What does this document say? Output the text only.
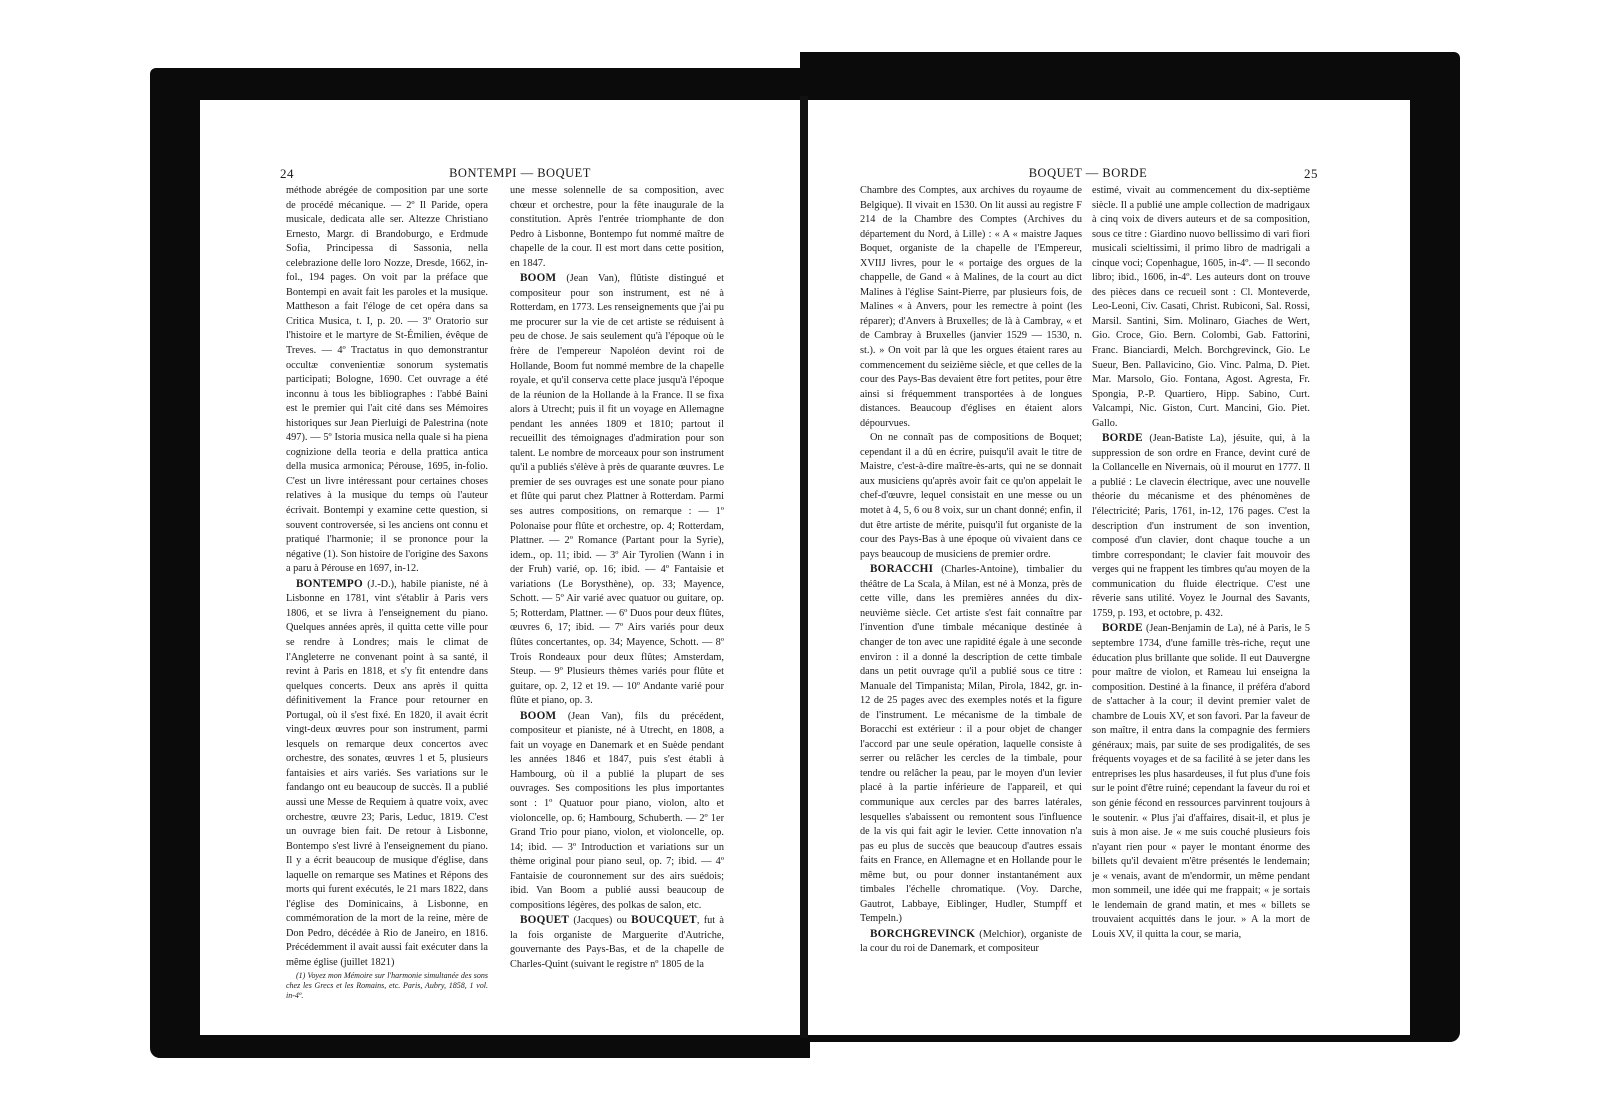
24	BONTEMPI — BOQUET

méthode abrégée de composition par une sorte de procédé mécanique. — 2º Il Paride, opera musicale, dedicata alle ser. Altezze Christiano Ernesto, Margr. di Brandoburgo, e Erdmude Sofia, Principessa di Sassonia, nella celebrazione delle loro Nozze, Dresde, 1662, in-fol., 194 pages. On voit par la préface que Bontempi en avait fait les paroles et la musique. Mattheson a fait l'éloge de cet opéra dans sa Critica Musica, t. I, p. 20. — 3º Oratorio sur l'histoire et le martyre de St-Émilien, évêque de Treves. — 4º Tractatus in quo demonstrantur occultæ convenientiæ sonorum systematis participati; Bologne, 1690. Cet ouvrage a été inconnu à tous les bibliographes : l'abbé Baini est le premier qui l'ait cité dans ses Mémoires historiques sur Jean Pierluigi de Palestrina (note 497). — 5º Istoria musica nella quale si ha piena cognizione della teoria e della prattica antica della musica armonica; Pérouse, 1695, in-folio. C'est un livre intéressant pour certaines choses relatives à la musique du temps où l'auteur écrivait. Bontempi y examine cette question, si souvent controversée, si les anciens ont connu et pratiqué l'harmonie; il se prononce pour la négative (1). Son histoire de l'origine des Saxons a paru à Pérouse en 1697, in-12.

BONTEMPO (J.-D.), habile pianiste, né à Lisbonne en 1781, vint s'établir à Paris vers 1806, et se livra à l'enseignement du piano. Quelques années après, il quitta cette ville pour se rendre à Londres; mais le climat de l'Angleterre ne convenant point à sa santé, il revint à Paris en 1818, et s'y fit entendre dans quelques concerts. Deux ans après il quitta définitivement la France pour retourner en Portugal, où il s'est fixé. En 1820, il avait écrit vingt-deux œuvres pour son instrument, parmi lesquels on remarque deux concertos avec orchestre, des sonates, œuvres 1 et 5, plusieurs fantaisies et airs variés. Ses variations sur le fandango ont eu beaucoup de succès. Il a publié aussi une Messe de Requiem à quatre voix, avec orchestre, œuvre 23; Paris, Leduc, 1819. C'est un ouvrage bien fait. De retour à Lisbonne, Bontempo s'est livré à l'enseignement du piano. Il y a écrit beaucoup de musique d'église, dans laquelle on remarque ses Matines et Répons des morts qui furent exécutés, le 21 mars 1822, dans l'église des Dominicains, à Lisbonne, en commémoration de la mort de la reine, mère de Don Pedro, décédée à Rio de Janeiro, en 1816. Précédemment il avait aussi fait exécuter dans la même église (juillet 1821)

(1) Voyez mon Mémoire sur l'harmonie simultanée des sons chez les Grecs et les Romains, etc. Paris, Aubry, 1858, 1 vol. in-4º.

une messe solennelle de sa composition, avec chœur et orchestre, pour la fête inaugurale de la constitution. Après l'entrée triomphante de don Pedro à Lisbonne, Bontempo fut nommé maître de chapelle de la cour. Il est mort dans cette position, en 1847.

BOOM (Jean Van), flûtiste distingué et compositeur pour son instrument, est né à Rotterdam, en 1773. Les renseignements que j'ai pu me procurer sur la vie de cet artiste se réduisent à peu de chose. Je sais seulement qu'à l'époque où le frère de l'empereur Napoléon devint roi de Hollande, Boom fut nommé membre de la chapelle royale, et qu'il conserva cette place jusqu'à l'époque de la réunion de la Hollande à la France. Il se fixa alors à Utrecht; puis il fit un voyage en Allemagne pendant les années 1809 et 1810; partout il recueillit des témoignages d'admiration pour son talent. Le nombre de morceaux pour son instrument qu'il a publiés s'élève à près de quarante œuvres. Le premier de ses ouvrages est une sonate pour piano et flûte qui parut chez Plattner à Rotterdam. Parmi ses autres compositions, on remarque : — 1º Polonaise pour flûte et orchestre, op. 4; Rotterdam, Plattner. — 2º Romance (Partant pour la Syrie), idem., op. 11; ibid. — 3º Air Tyrolien (Wann i in der Fruh) varié, op. 16; ibid. — 4º Fantaisie et variations (Le Borysthène), op. 33; Mayence, Schott. — 5º Air varié avec quatuor ou guitare, op. 5; Rotterdam, Plattner. — 6º Duos pour deux flûtes, œuvres 6, 17; ibid. — 7º Airs variés pour deux flûtes concertantes, op. 34; Mayence, Schott. — 8º Trois Rondeaux pour deux flûtes; Amsterdam, Steup. — 9º Plusieurs thèmes variés pour flûte et guitare, op. 2, 12 et 19. — 10º Andante varié pour flûte et piano, op. 3.

BOOM (Jean Van), fils du précédent, compositeur et pianiste, né à Utrecht, en 1808, a fait un voyage en Danemark et en Suède pendant les années 1846 et 1847, puis s'est établi à Hambourg, où il a publié la plupart de ses ouvrages. Ses compositions les plus importantes sont : 1º Quatuor pour piano, violon, alto et violoncelle, op. 6; Hambourg, Schuberth. — 2º 1er Grand Trio pour piano, violon, et violoncelle, op. 14; ibid. — 3º Introduction et variations sur un thème original pour piano seul, op. 7; ibid. — 4º Fantaisie de couronnement sur des airs suédois; ibid. Van Boom a publié aussi beaucoup de compositions légères, des polkas de salon, etc.

BOQUET (Jacques) ou BOUCQUET, fut à la fois organiste de Marguerite d'Autriche, gouvernante des Pays-Bas, et de la chapelle de Charles-Quint (suivant le registre nº 1805 de la

BOQUET — BORDE	25

Chambre des Comptes, aux archives du royaume de Belgique). Il vivait en 1530. On lit aussi au registre F 214 de la Chambre des Comptes (Archives du département du Nord, à Lille) : « A « maistre Jaques Boquet, organiste de la chapelle de l'Empereur, XVIIJ livres, pour le « portaige des orgues de la chappelle, de Gand « à Malines, de la court au dict Malines à l'église Saint-Pierre, par plusieurs fois, de Malines « à Anvers, pour les remectre à point (les réparer); d'Anvers à Bruxelles; de là à Cambray, « et de Cambray à Bruxelles (janvier 1529 — 1530, n. st.). » On voit par là que les orgues étaient rares au commencement du seizième siècle, et que celles de la cour des Pays-Bas devaient être fort petites, pour être ainsi si fréquemment transportées à de longues distances. Beaucoup d'églises en étaient alors dépourvues.

On ne connaît pas de compositions de Boquet; cependant il a dû en écrire, puisqu'il avait le titre de Maistre, c'est-à-dire maître-ès-arts, qui ne se donnait aux musiciens qu'après avoir fait ce qu'on appelait le chef-d'œuvre, lequel consistait en une messe ou un motet à 4, 5, 6 ou 8 voix, sur un chant donné; enfin, il dut être artiste de mérite, puisqu'il fut organiste de la cour des Pays-Bas à une époque où vivaient dans ce pays beaucoup de musiciens de premier ordre.

BORACCHI (Charles-Antoine), timbalier du théâtre de La Scala, à Milan, est né à Monza, près de cette ville, dans les premières années du dix-neuvième siècle. Cet artiste s'est fait connaître par l'invention d'une timbale mécanique destinée à changer de ton avec une rapidité égale à une seconde environ : il a donné la description de cette timbale dans un petit ouvrage qu'il a publié sous ce titre : Manuale del Timpanista; Milan, Pirola, 1842, gr. in-12 de 25 pages avec des exemples notés et la figure de l'instrument. Le mécanisme de la timbale de Boracchi est extérieur : il a pour objet de changer l'accord par une seule opération, laquelle consiste à serrer ou relâcher les cercles de la timbale, pour tendre ou relâcher la peau, par le moyen d'un levier placé à la partie inférieure de l'appareil, et qui communique aux cercles par des barres latérales, lesquelles s'abaissent ou remontent sous l'influence de la vis qui fait agir le levier. Cette innovation n'a pas eu plus de succès que beaucoup d'autres essais faits en France, en Allemagne et en Hollande pour le même but, ou pour donner instantanément aux timbales l'échelle chromatique. (Voy. Darche, Gautrot, Labbaye, Eiblinger, Hudler, Stumpff et Tempeln.)

BORCHGREVINCK (Melchior), organiste de la cour du roi de Danemark, et compositeur

estimé, vivait au commencement du dix-septième siècle. Il a publié une ample collection de madrigaux à cinq voix de divers auteurs et de sa composition, sous ce titre : Giardino nuovo bellissimo di vari fiori musicali scieltissimi, il primo libro de madrigali a cinque voci; Copenhague, 1605, in-4º. — Il secondo libro; ibid., 1606, in-4º. Les auteurs dont on trouve des pièces dans ce recueil sont : Cl. Monteverde, Leo-Leoni, Civ. Casati, Christ. Rubiconi, Sal. Rossi, Marsil. Santini, Sim. Molinaro, Giaches de Wert, Gio. Croce, Gio. Bern. Colombi, Gab. Fattorini, Franc. Bianciardi, Melch. Borchgrevinck, Gio. Le Sueur, Ben. Pallavicino, Gio. Vinc. Palma, D. Piet. Mar. Marsolo, Gio. Fontana, Agost. Agresta, Fr. Spongia, P.-P. Quartiero, Hipp. Sabino, Curt. Valcampi, Nic. Giston, Curt. Mancini, Gio. Piet. Gallo.

BORDE (Jean-Batiste La), jésuite, qui, à la suppression de son ordre en France, devint curé de la Collancelle en Nivernais, où il mourut en 1777. Il a publié : Le clavecin électrique, avec une nouvelle théorie du mécanisme et des phénomènes de l'électricité; Paris, 1761, in-12, 176 pages. C'est la description d'un instrument de son invention, composé d'un clavier, dont chaque touche a un timbre correspondant; le clavier fait mouvoir des verges qui ne frappent les timbres qu'au moyen de la communication du fluide électrique. C'est une rêverie sans utilité. Voyez le Journal des Savants, 1759, p. 193, et octobre, p. 432.

BORDE (Jean-Benjamin de La), né à Paris, le 5 septembre 1734, d'une famille très-riche, reçut une éducation plus brillante que solide. Il eut Dauvergne pour maître de violon, et Rameau lui enseigna la composition. Destiné à la finance, il préféra d'abord de s'attacher à la cour; il devint premier valet de chambre de Louis XV, et son favori. Par la faveur de son maître, il entra dans la compagnie des fermiers généraux; mais, par suite de ses prodigalités, de ses fréquents voyages et de sa facilité à se jeter dans les entreprises les plus hasardeuses, il fut plus d'une fois sur le point d'être ruiné; cependant la faveur du roi et son génie fécond en ressources parvinrent toujours à le soutenir. « Plus j'ai d'affaires, disait-il, et plus je suis à mon aise. Je « me suis couché plusieurs fois n'ayant rien pour « payer le montant énorme des billets qu'il devaient m'être présentés le lendemain; je « venais, avant de m'endormir, un même pendant mon sommeil, une idée qui me frappait; « je sortais le lendemain de grand matin, et mes « billets se trouvaient acquittés dans le jour. » A la mort de Louis XV, il quitta la cour, se maria,
